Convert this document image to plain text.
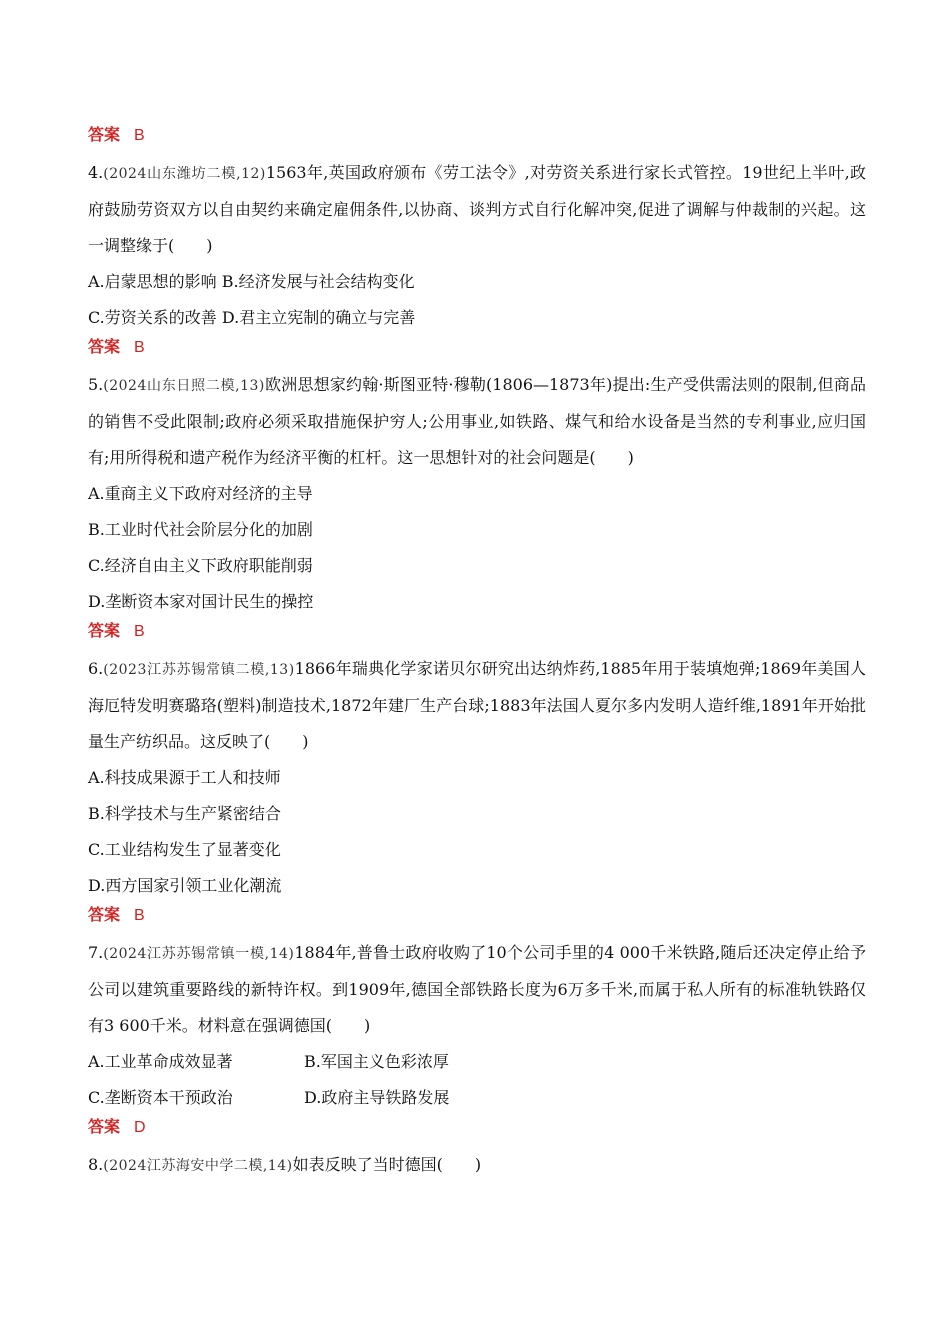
答案 B

4.(2024山东潍坊二模,12)1563年,英国政府颁布《劳工法令》,对劳资关系进行家长式管控。19世纪上半叶,政府鼓励劳资双方以自由契约来确定雇佣条件,以协商、谈判方式自行化解冲突,促进了调解与仲裁制的兴起。这一调整缘于(　　)

A.启蒙思想的影响 B.经济发展与社会结构变化

C.劳资关系的改善 D.君主立宪制的确立与完善

答案 B

5.(2024山东日照二模,13)欧洲思想家约翰·斯图亚特·穆勒(1806—1873年)提出:生产受供需法则的限制,但商品的销售不受此限制;政府必须采取措施保护穷人;公用事业,如铁路、煤气和给水设备是当然的专利事业,应归国有;用所得税和遗产税作为经济平衡的杠杆。这一思想针对的社会问题是(　　)

A.重商主义下政府对经济的主导

B.工业时代社会阶层分化的加剧

C.经济自由主义下政府职能削弱

D.垄断资本家对国计民生的操控

答案 B

6.(2023江苏苏锡常镇二模,13)1866年瑞典化学家诺贝尔研究出达纳炸药,1885年用于装填炮弹;1869年美国人海厄特发明赛璐珞(塑料)制造技术,1872年建厂生产台球;1883年法国人夏尔多内发明人造纤维,1891年开始批量生产纺织品。这反映了(　　)

A.科技成果源于工人和技师

B.科学技术与生产紧密结合

C.工业结构发生了显著变化

D.西方国家引领工业化潮流

答案 B

7.(2024江苏苏锡常镇一模,14)1884年,普鲁士政府收购了10个公司手里的4 000千米铁路,随后还决定停止给予公司以建筑重要路线的新特许权。到1909年,德国全部铁路长度为6万多千米,而属于私人所有的标准轨铁路仅有3 600千米。材料意在强调德国(　　)

A.工业革命成效显著	B.军国主义色彩浓厚
C.垄断资本干预政治	D.政府主导铁路发展
答案 D

8.(2024江苏海安中学二模,14)如表反映了当时德国(　　)
